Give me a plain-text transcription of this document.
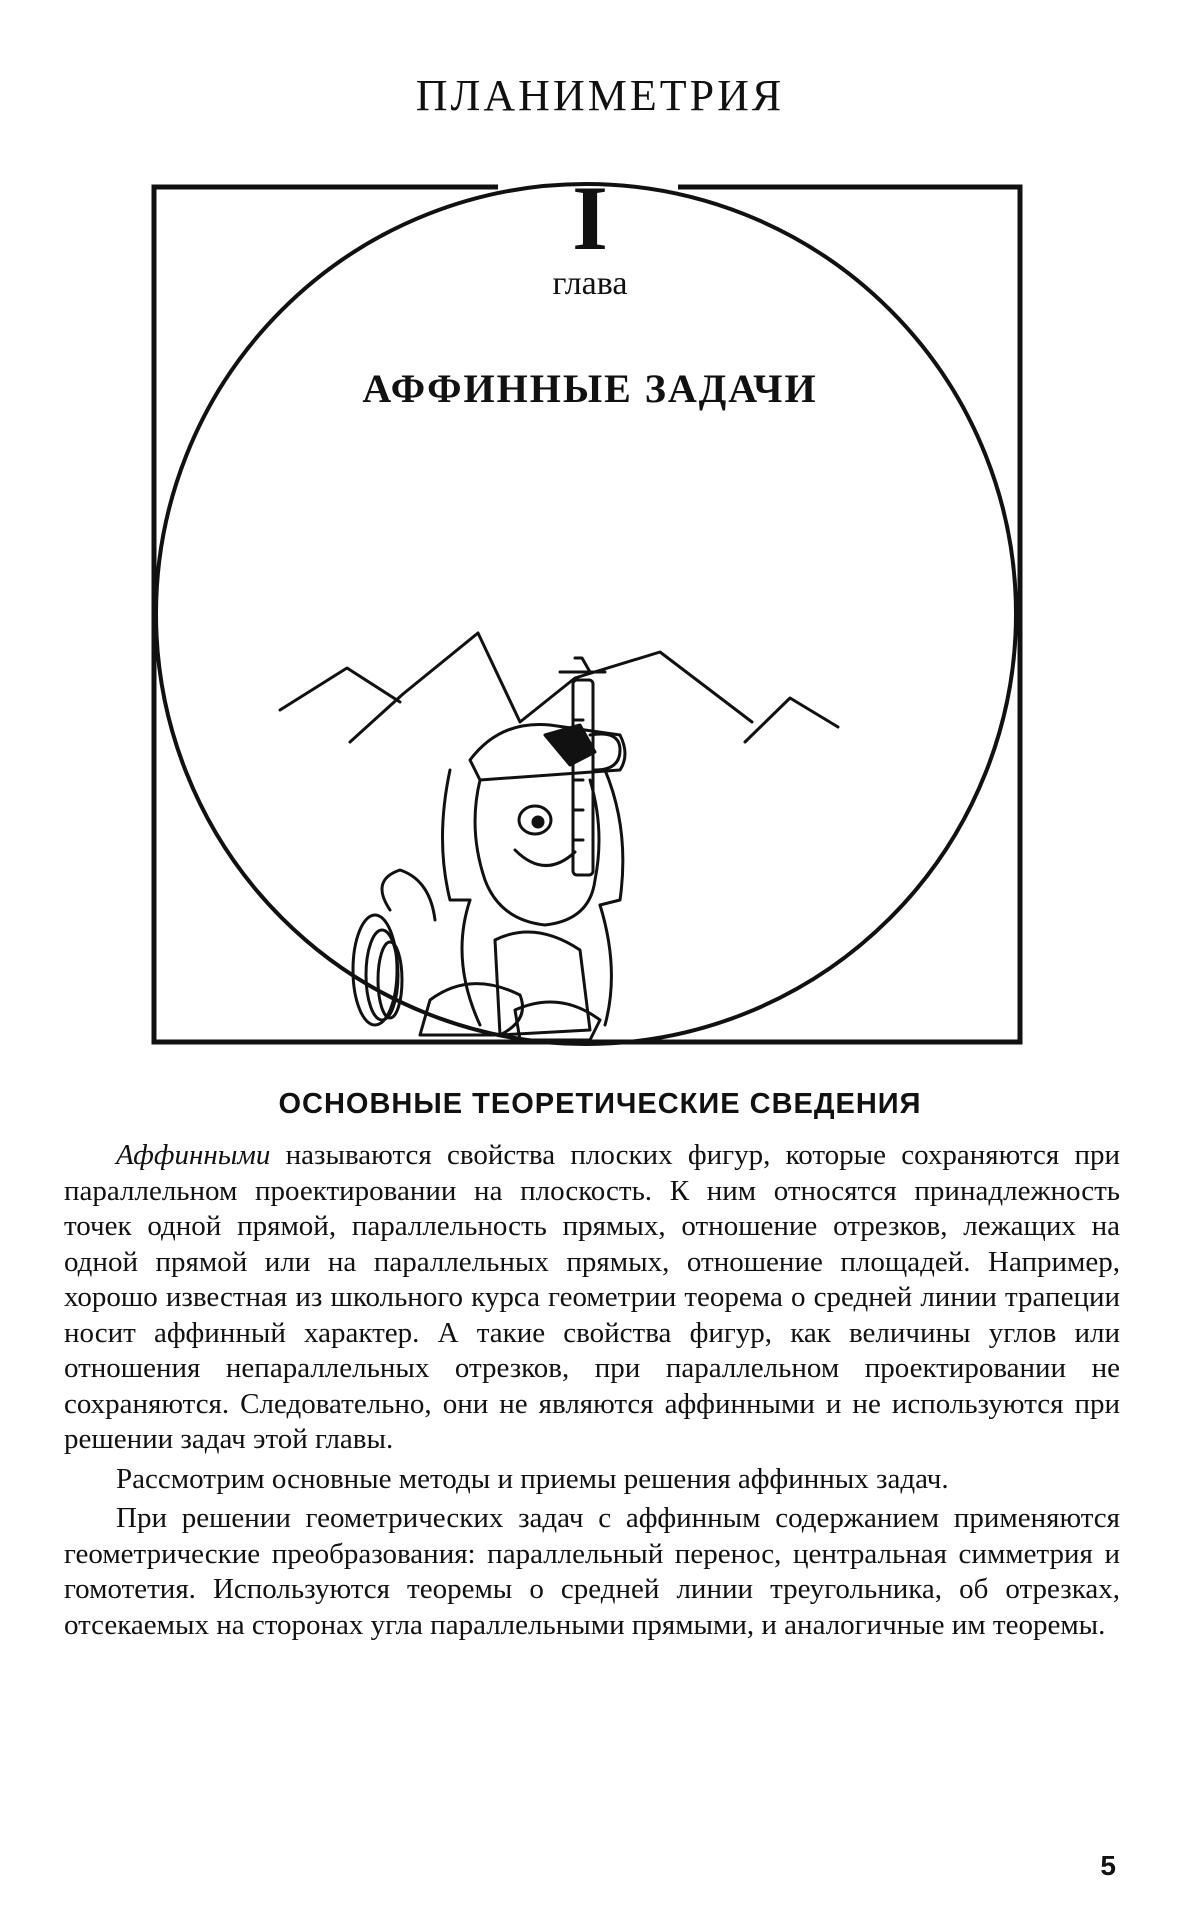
ПЛАНИМЕТРИЯ
I
глава
АФФИННЫЕ ЗАДАЧИ
ОСНОВНЫЕ ТЕОРЕТИЧЕСКИЕ СВЕДЕНИЯ

Аффинными называются свойства плоских фигур, которые сохраняются при параллельном проектировании на плоскость. К ним относятся принадлежность точек одной прямой, параллельность прямых, отношение отрезков, лежащих на одной прямой или на параллельных прямых, отношение площадей. Например, хорошо известная из школьного курса геометрии теорема о средней линии трапеции носит аффинный характер. А такие свойства фигур, как величины углов или отношения непараллельных отрезков, при параллельном проектировании не сохраняются. Следовательно, они не являются аффинными и не используются при решении задач этой главы.

Рассмотрим основные методы и приемы решения аффинных задач.

При решении геометрических задач с аффинным содержанием применяются геометрические преобразования: параллельный перенос, центральная симметрия и гомотетия. Используются теоремы о средней линии треугольника, об отрезках, отсекаемых на сторонах угла параллельными прямыми, и аналогичные им теоремы.

5
